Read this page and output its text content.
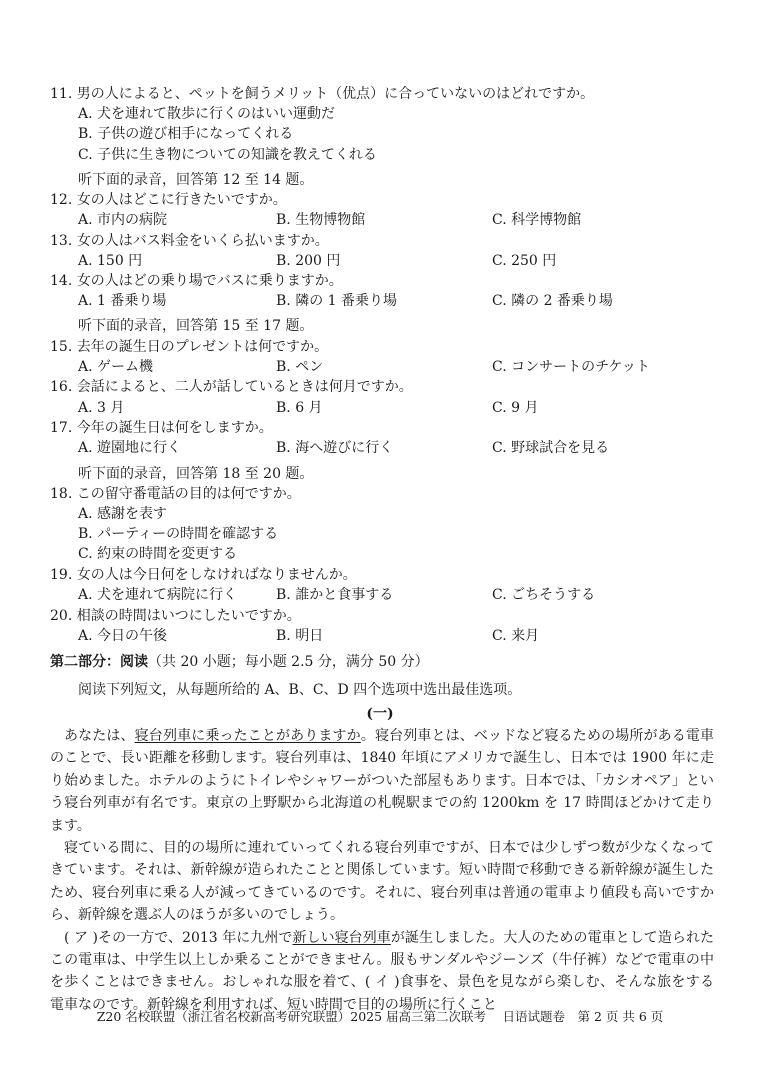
11. 男の人によると、ペットを飼うメリット（优点）に合っていないのはどれですか。
A. 犬を連れて散歩に行くのはいい運動だ
B. 子供の遊び相手になってくれる
C. 子供に生き物についての知識を教えてくれる
听下面的录音，回答第 12 至 14 题。
12. 女の人はどこに行きたいですか。
A. 市内の病院	B. 生物博物館	C. 科学博物館
13. 女の人はバス料金をいくら払いますか。
A. 150 円	B. 200 円	C. 250 円
14. 女の人はどの乗り場でバスに乗りますか。
A. 1 番乗り場	B. 隣の 1 番乗り場	C. 隣の 2 番乗り場
听下面的录音，回答第 15 至 17 题。
15. 去年の誕生日のプレゼントは何ですか。
A. ゲーム機	B. ペン	C. コンサートのチケット
16. 会話によると、二人が話しているときは何月ですか。
A. 3 月	B. 6 月	C. 9 月
17. 今年の誕生日は何をしますか。
A. 遊園地に行く	B. 海へ遊びに行く	C. 野球試合を見る
听下面的录音，回答第 18 至 20 题。
18. この留守番電話の目的は何ですか。
A. 感謝を表す
B. パーティーの時間を確認する
C. 約束の時間を変更する
19. 女の人は今日何をしなければなりませんか。
A. 犬を連れて病院に行く	B. 誰かと食事する	C. ごちそうする
20. 相談の時間はいつにしたいですか。
A. 今日の午後	B. 明日	C. 来月
第二部分：阅读（共 20 小题；每小题 2.5 分，满分 50 分）
阅读下列短文，从每题所给的 A、B、C、D 四个选项中选出最佳选项。
(一)

あなたは、寝台列車に乗ったことがありますか。寝台列車とは、ベッドなど寝るための場所がある電車のことで、長い距離を移動します。寝台列車は、1840 年頃にアメリカで誕生し、日本では 1900 年に走り始めました。ホテルのようにトイレやシャワーがついた部屋もあります。日本では、「カシオペア」という寝台列車が有名です。東京の上野駅から北海道の札幌駅までの約 1200km を 17 時間ほどかけて走ります。

寝ている間に、目的の場所に連れていってくれる寝台列車ですが、日本では少しずつ数が少なくなってきています。それは、新幹線が造られたことと関係しています。短い時間で移動できる新幹線が誕生したため、寝台列車に乗る人が減ってきているのです。それに、寝台列車は普通の電車より値段も高いですから、新幹線を選ぶ人のほうが多いのでしょう。

( ア )その一方で、2013 年に九州で新しい寝台列車が誕生しました。大人のための電車として造られたこの電車は、中学生以上しか乗ることができません。服もサンダルやジーンズ（牛仔裤）などで電車の中を歩くことはできません。おしゃれな服を着て、( イ )食事を、景色を見ながら楽しむ、そんな旅をする電車なのです。新幹線を利用すれば、短い時間で目的の場所に行くこと

Z20 名校联盟（浙江省名校新高考研究联盟）2025 届高三第二次联考　 日语试题卷　第 2 页 共 6 页
